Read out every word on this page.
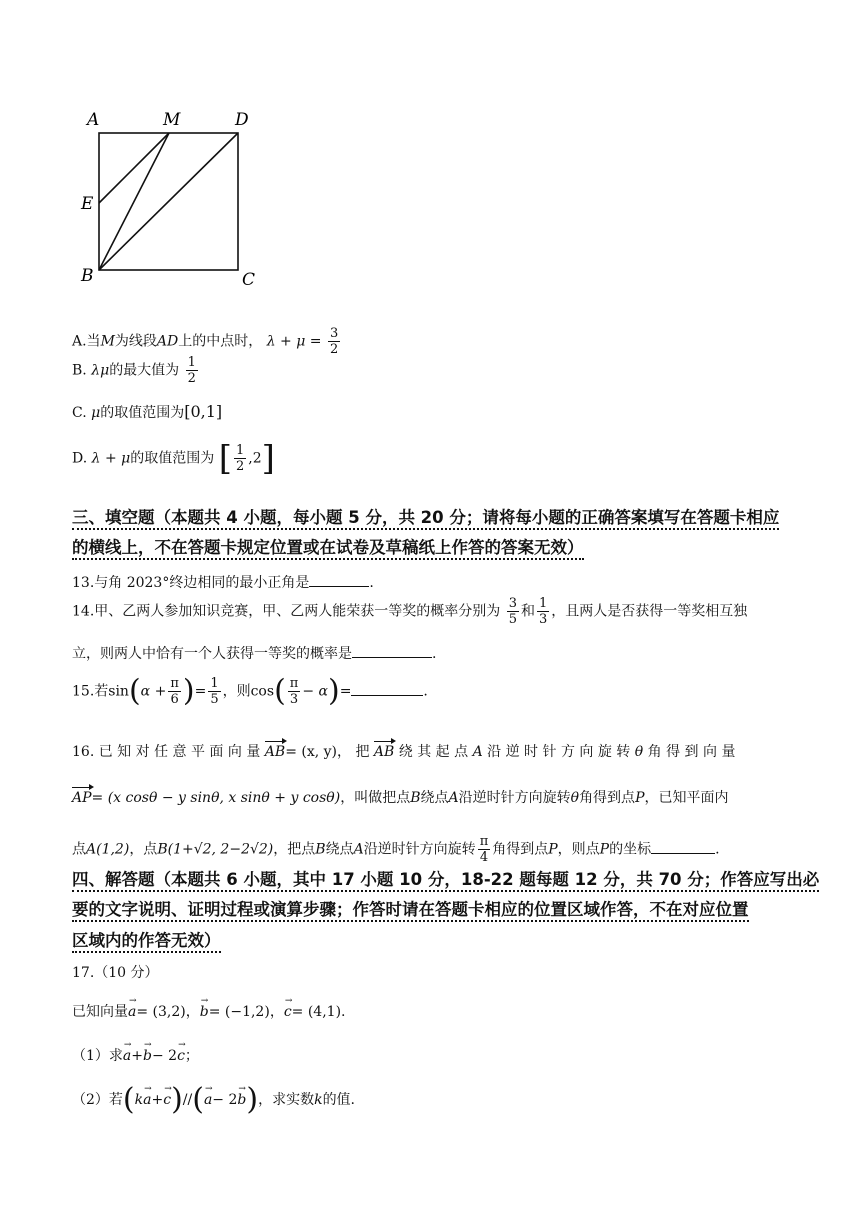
A	M	D
E
B	C
A.当M为线段AD上的中点时， $\lambda + \mu = \frac{3}{2}$
B. λμ的最大值为 $\frac{1}{2}$
C. μ的取值范围为[0,1]
D. λ + μ的取值范围为 [ $\frac{1}{2} ,2$]
三、填空题（本题共 4 小题，每小题 5 分，共 20 分；请将每小题的正确答案填写在答题卡相应
的横线上，不在答题卡规定位置或在试卷及草稿纸上作答的答案无效）
13.与角 2023°终边相同的最小正角是	.
14.甲、乙两人参加知识竞赛，甲、乙两人能荣获一等奖的概率分别为 $\frac{3}{5}$ 和 $\frac{1}{3}$ ，且两人是否获得一等奖相互独
立，则两人中恰有一个人获得一等奖的概率是	.
15.若$\sin(\alpha + \frac{\pi}{6}$ )= $\frac{1}{5}$ ，则$\cos( \frac{\pi}{3} - \alpha)=$	.
16. 已 知 对 任 意 平 面 向 量 AB= (x, y)， 把 AB 绕 其 起 点 A 沿 逆 时 针 方 向 旋 转 θ 角 得 到 向 量
AP= (x cosθ − y sinθ, x sinθ + y cosθ)，叫做把点B绕点A沿逆时针方向旋转θ角得到点P，已知平面内
点A(1,2)，点B(1+√2, 2−2√2)，把点B绕点A沿逆时针方向旋转 $\frac{\pi}{4}$ 角得到点P，则点P的坐标	.
四、解答题（本题共 6 小题，其中 17 小题 10 分，18-22 题每题 12 分，共 70 分；作答应写出必
要的文字说明、证明过程或演算步骤；作答时请在答题卡相应的位置区域作答，不在对应位置
区域内的作答无效）
17.（10 分）
已知向量a →= (3,2)，b →= (−1,2)，c →= (4,1).
（1）求a →+b →− 2c →；
（2）若(ka →+c →)//(a →− 2b →)，求实数k的值.
